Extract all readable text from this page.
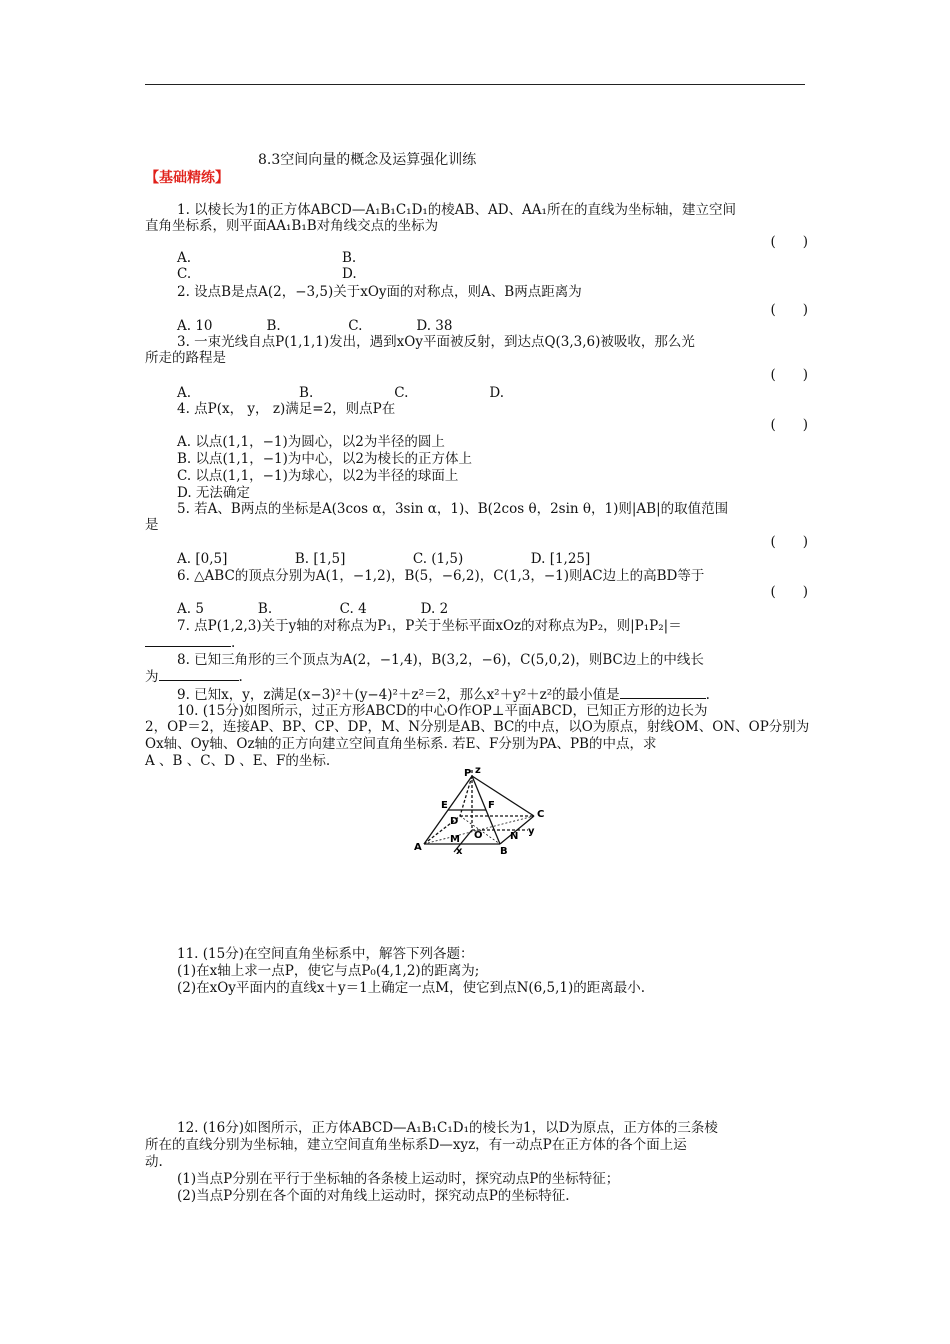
8.3空间向量的概念及运算强化训练
【基础精练】
1. 以棱长为1的正方体ABCD—A₁B₁C₁D₁的棱AB、AD、AA₁所在的直线为坐标轴，建立空间
直角坐标系，则平面AA₁B₁B对角线交点的坐标为
(　　)
A.	B.
C.	D.
2. 设点B是点A(2，−3,5)关于xOy面的对称点，则A、B两点距离为
(　　)
A. 10　　　　B.　　　　　C.　　　　D. 38
3. 一束光线自点P(1,1,1)发出，遇到xOy平面被反射，到达点Q(3,3,6)被吸收，那么光
所走的路程是
(　　)
A.　　　　　　　　B.　　　　　　C.　　　　　　D.
4. 点P(x， y， z)满足=2，则点P在
(　　)
A. 以点(1,1，−1)为圆心，以2为半径的圆上
B. 以点(1,1，−1)为中心，以2为棱长的正方体上
C. 以点(1,1，−1)为球心，以2为半径的球面上
D. 无法确定
5. 若A、B两点的坐标是A(3cos α，3sin α，1)、B(2cos θ，2sin θ，1)则|AB|的取值范围
是
(　　)
A. [0,5]　　　　　B. [1,5]　　　　　C. (1,5)　　　　　D. [1,25]
6. △ABC的顶点分别为A(1，−1,2)，B(5，−6,2)，C(1,3，−1)则AC边上的高BD等于
(　　)
A. 5　　　　B.　　　　　C. 4　　　　D. 2
7. 点P(1,2,3)关于y轴的对称点为P₁，P关于坐标平面xOz的对称点为P₂，则|P₁P₂|＝
.
8. 已知三角形的三个顶点为A(2，−1,4)，B(3,2，−6)，C(5,0,2)，则BC边上的中线长
为	.
9. 已知x，y，z满足(x−3)²＋(y−4)²＋z²＝2，那么x²＋y²＋z²的最小值是	.
10. (15分)如图所示，过正方形ABCD的中心O作OP⊥平面ABCD，已知正方形的边长为
2，OP＝2，连接AP、BP、CP、DP，M、N分别是AB、BC的中点，以O为原点，射线OM、ON、OP分别为
Ox轴、Oy轴、Oz轴的正方向建立空间直角坐标系. 若E、F分别为PA、PB的中点，求
A 、B 、C、D 、E、F的坐标.
P z
E	F
C
D
M O	N y
A	x	B
11. (15分)在空间直角坐标系中，解答下列各题：
(1)在x轴上求一点P，使它与点P₀(4,1,2)的距离为;
(2)在xOy平面内的直线x＋y＝1上确定一点M，使它到点N(6,5,1)的距离最小.
12. (16分)如图所示，正方体ABCD—A₁B₁C₁D₁的棱长为1，以D为原点，正方体的三条棱
所在的直线分别为坐标轴，建立空间直角坐标系D—xyz，有一动点P在正方体的各个面上运
动.
(1)当点P分别在平行于坐标轴的各条棱上运动时，探究动点P的坐标特征；
(2)当点P分别在各个面的对角线上运动时，探究动点P的坐标特征.
